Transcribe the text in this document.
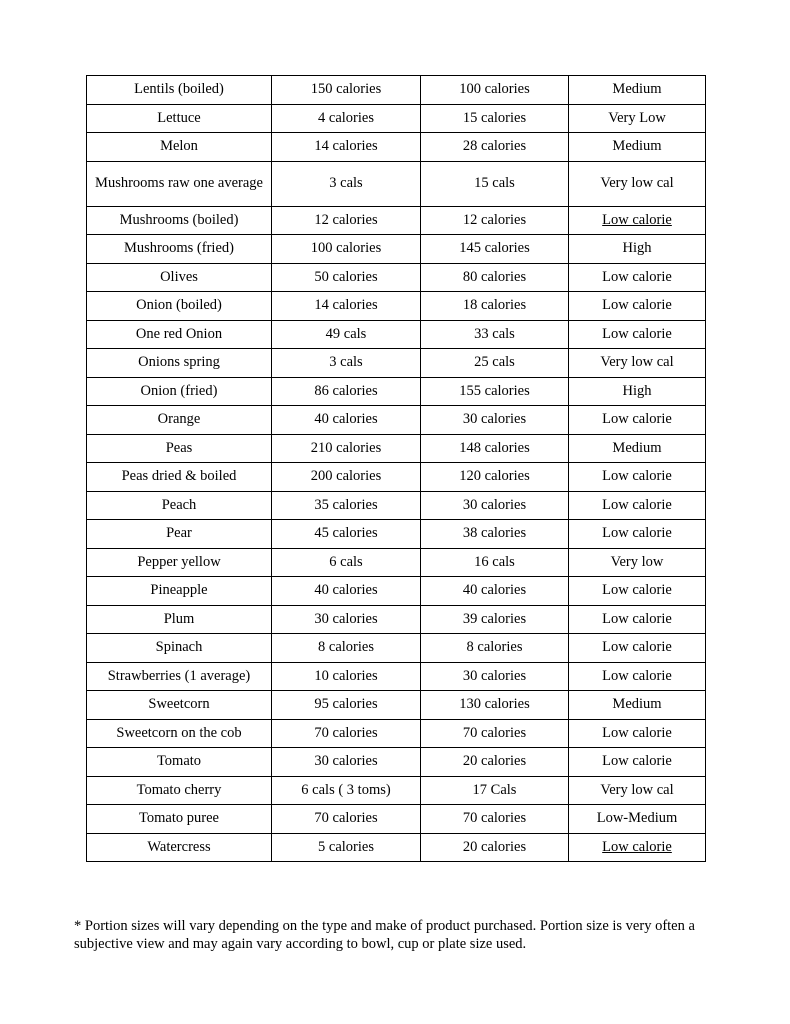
Lentils (boiled)	150 calories	100 calories	Medium
Lettuce	4 calories	15 calories	Very Low
Melon	14 calories	28 calories	Medium
Mushrooms raw one average	3 cals	15 cals	Very low cal
Mushrooms (boiled)	12 calories	12 calories	Low calorie
Mushrooms (fried)	100 calories	145 calories	High
Olives	50 calories	80 calories	Low calorie
Onion (boiled)	14 calories	18 calories	Low calorie
One red Onion	49 cals	33 cals	Low calorie
Onions spring	3 cals	25 cals	Very low cal
Onion (fried)	86 calories	155 calories	High
Orange	40 calories	30 calories	Low calorie
Peas	210 calories	148 calories	Medium
Peas dried & boiled	200 calories	120 calories	Low calorie
Peach	35 calories	30 calories	Low calorie
Pear	45 calories	38 calories	Low calorie
Pepper yellow	6 cals	16 cals	Very low
Pineapple	40 calories	40 calories	Low calorie
Plum	30 calories	39 calories	Low calorie
Spinach	8 calories	8 calories	Low calorie
Strawberries (1 average)	10 calories	30 calories	Low calorie
Sweetcorn	95 calories	130 calories	Medium
Sweetcorn on the cob	70 calories	70 calories	Low calorie
Tomato	30 calories	20 calories	Low calorie
Tomato cherry	6 cals ( 3 toms)	17 Cals	Very low cal
Tomato puree	70 calories	70 calories	Low-Medium
Watercress	5 calories	20 calories	Low calorie

* Portion sizes will vary depending on the type and make of product purchased. Portion size is very often a subjective view and may again vary according to bowl, cup or plate size used.
